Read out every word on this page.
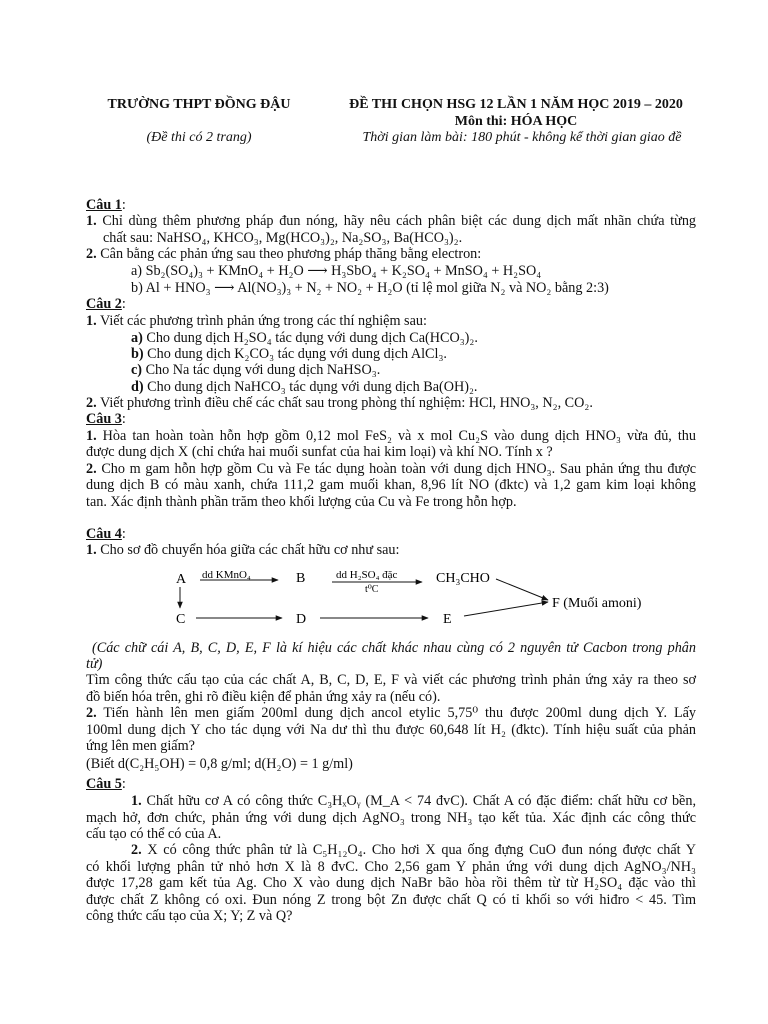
TRƯỜNG THPT ĐỒNG ĐẬU	ĐỀ THI CHỌN HSG 12 LẦN 1 NĂM HỌC 2019 – 2020
Môn thi: HÓA HỌC
(Đề thi có 2 trang)	Thời gian làm bài: 180 phút - không kể thời gian giao đề
Câu 1:
1. Chỉ dùng thêm phương pháp đun nóng, hãy nêu cách phân biệt các dung dịch mất nhãn chứa từng
chất sau: NaHSO₄, KHCO₃, Mg(HCO₃)₂, Na₂SO₃, Ba(HCO₃)₂.
2. Cân bằng các phản ứng sau theo phương pháp thăng bằng electron:
a) Sb₂(SO₄)₃ + KMnO₄ + H₂O ⟶ H₃SbO₄ + K₂SO₄ + MnSO₄ + H₂SO₄
b) Al + HNO₃ ⟶ Al(NO₃)₃ + N₂ + NO₂ + H₂O (tỉ lệ mol giữa N₂ và NO₂ bằng 2:3)
Câu 2:
1. Viết các phương trình phản ứng trong các thí nghiệm sau:
a) Cho dung dịch H₂SO₄ tác dụng với dung dịch Ca(HCO₃)₂.
b) Cho dung dịch K₂CO₃ tác dụng với dung dịch AlCl₃.
c) Cho Na tác dụng với dung dịch NaHSO₃.
d) Cho dung dịch NaHCO₃ tác dụng với dung dịch Ba(OH)₂.
2. Viết phương trình điều chế các chất sau trong phòng thí nghiệm: HCl, HNO₃, N₂, CO₂.
Câu 3:
1. Hòa tan hoàn toàn hỗn hợp gồm 0,12 mol FeS₂ và x mol Cu₂S vào dung dịch HNO₃ vừa đủ, thu
được dung dịch X (chỉ chứa hai muối sunfat của hai kim loại) và khí NO. Tính x ?
2. Cho m gam hỗn hợp gồm Cu và Fe tác dụng hoàn toàn với dung dịch HNO₃. Sau phản ứng thu được
dung dịch B có màu xanh, chứa 111,2 gam muối khan, 8,96 lít NO (đktc) và 1,2 gam kim loại không
tan. Xác định thành phần trăm theo khối lượng của Cu và Fe trong hỗn hợp.
Câu 4:
1. Cho sơ đồ chuyển hóa giữa các chất hữu cơ như sau:
A	B	CH₃CHO
C	D	E
F (Muối amoni)
dd KMnO₄	dd H₂SO₄ đặc
t⁰C
(Các chữ cái A, B, C, D, E, F là kí hiệu các chất khác nhau cùng có 2 nguyên tử Cacbon trong phân
tử)
Tìm công thức cấu tạo của các chất A, B, C, D, E, F và viết các phương trình phản ứng xảy ra theo sơ
đồ biến hóa trên, ghi rõ điều kiện để phản ứng xảy ra (nếu có).
2. Tiến hành lên men giấm 200ml dung dịch ancol etylic 5,75⁰ thu được 200ml dung dịch Y. Lấy
100ml dung dịch Y cho tác dụng với Na dư thì thu được 60,648 lít H₂ (đktc). Tính hiệu suất của phản
ứng lên men giấm?
(Biết d(C₂H₅OH) = 0,8 g/ml; d(H₂O) = 1 g/ml)
Câu 5:
1. Chất hữu cơ A có công thức C₃HₓOᵧ (M_A < 74 đvC). Chất A có đặc điểm: chất hữu cơ bền,
mạch hở, đơn chức, phản ứng với dung dịch AgNO₃ trong NH₃ tạo kết tủa. Xác định các công thức
cấu tạo có thể có của A.
2. X có công thức phân tử là C₅H₁₂O₄. Cho hơi X qua ống đựng CuO đun nóng được chất Y
có khối lượng phân tử nhỏ hơn X là 8 đvC. Cho 2,56 gam Y phản ứng với dung dịch AgNO₃/NH₃
được 17,28 gam kết tủa Ag. Cho X vào dung dịch NaBr bão hòa rồi thêm từ từ H₂SO₄ đặc vào thì
được chất Z không có oxi. Đun nóng Z trong bột Zn được chất Q có tỉ khối so với hiđro < 45. Tìm
công thức cấu tạo của X; Y; Z và Q?
